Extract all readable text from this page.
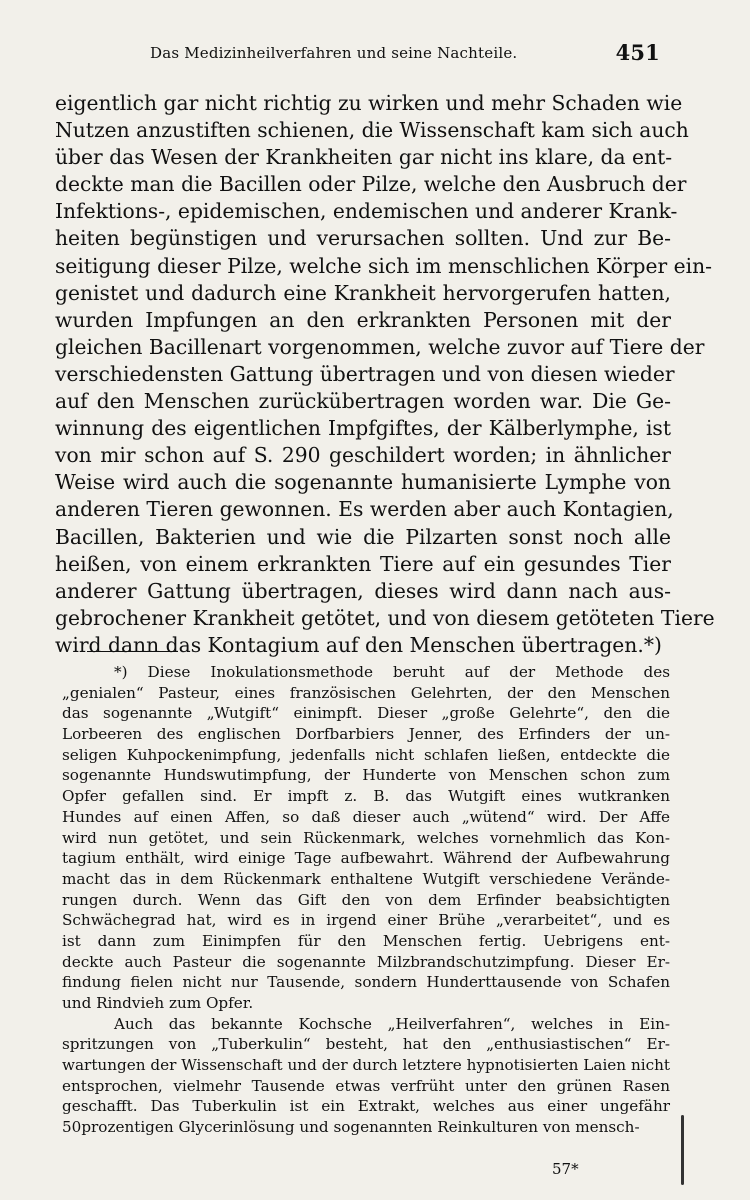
Das Medizinheilverfahren und seine Nachteile.	451
eigentlich gar nicht richtig zu wirken und mehr Schaden wie
Nutzen anzustiften schienen, die Wissenschaft kam sich auch
über das Wesen der Krankheiten gar nicht ins klare, da ent-
deckte man die Bacillen oder Pilze, welche den Ausbruch der
Infektions-, epidemischen, endemischen und anderer Krank-
heiten begünstigen und verursachen sollten. Und zur Be-
seitigung dieser Pilze, welche sich im menschlichen Körper ein-
genistet und dadurch eine Krankheit hervorgerufen hatten,
wurden Impfungen an den erkrankten Personen mit der
gleichen Bacillenart vorgenommen, welche zuvor auf Tiere der
verschiedensten Gattung übertragen und von diesen wieder
auf den Menschen zurückübertragen worden war. Die Ge-
winnung des eigentlichen Impfgiftes, der Kälberlymphe, ist
von mir schon auf S. 290 geschildert worden; in ähnlicher
Weise wird auch die sogenannte humanisierte Lymphe von
anderen Tieren gewonnen. Es werden aber auch Kontagien,
Bacillen, Bakterien und wie die Pilzarten sonst noch alle
heißen, von einem erkrankten Tiere auf ein gesundes Tier
anderer Gattung übertragen, dieses wird dann nach aus-
gebrochener Krankheit getötet, und von diesem getöteten Tiere
wird dann das Kontagium auf den Menschen übertragen.*)
*) Diese Inokulationsmethode beruht auf der Methode des
„genialen“ Pasteur, eines französischen Gelehrten, der den Menschen
das sogenannte „Wutgift“ einimpft. Dieser „große Gelehrte“, den die
Lorbeeren des englischen Dorfbarbiers Jenner, des Erfinders der un-
seligen Kuhpockenimpfung, jedenfalls nicht schlafen ließen, entdeckte die
sogenannte Hundswutimpfung, der Hunderte von Menschen schon zum
Opfer gefallen sind. Er impft z. B. das Wutgift eines wutkranken
Hundes auf einen Affen, so daß dieser auch „wütend“ wird. Der Affe
wird nun getötet, und sein Rückenmark, welches vornehmlich das Kon-
tagium enthält, wird einige Tage aufbewahrt. Während der Aufbewahrung
macht das in dem Rückenmark enthaltene Wutgift verschiedene Verände-
rungen durch. Wenn das Gift den von dem Erfinder beabsichtigten
Schwächegrad hat, wird es in irgend einer Brühe „verarbeitet“, und es
ist dann zum Einimpfen für den Menschen fertig. Uebrigens ent-
deckte auch Pasteur die sogenannte Milzbrandschutzimpfung. Dieser Er-
findung fielen nicht nur Tausende, sondern Hunderttausende von Schafen
und Rindvieh zum Opfer.
Auch das bekannte Kochsche „Heilverfahren“, welches in Ein-
spritzungen von „Tuberkulin“ besteht, hat den „enthusiastischen“ Er-
wartungen der Wissenschaft und der durch letztere hypnotisierten Laien nicht
entsprochen, vielmehr Tausende etwas verfrüht unter den grünen Rasen
geschafft. Das Tuberkulin ist ein Extrakt, welches aus einer ungefähr
50prozentigen Glycerinlösung und sogenannten Reinkulturen von mensch-
57*
